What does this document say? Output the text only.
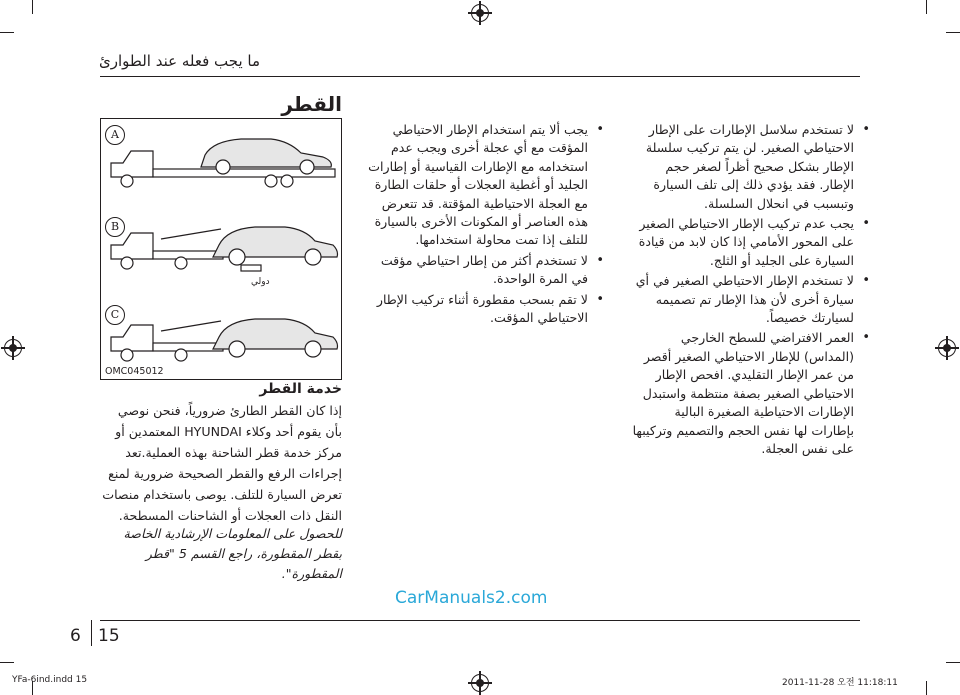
ما يجب فعله عند الطوارئ
القطر
• لا تستخدم سلاسل الإطارات على الإطار الاحتياطي الصغير. لن يتم تركيب سلسلة الإطار بشكل صحيح أظراً لصغر حجم الإطار. فقد يؤدي ذلك إلى تلف السيارة وتبسبب في انحلال السلسلة.
• يجب عدم تركيب الإطار الاحتياطي الصغير على المحور الأمامي إذا كان لابد من قيادة السيارة على الجليد أو الثلج.
• لا تستخدم الإطار الاحتياطي الصغير في أي سيارة أخرى لأن هذا الإطار تم تصميمه لسيارتك خصيصاً.
• العمر الافتراضي للسطح الخارجي (المداس) للإطار الاحتياطي الصغير أقصر من عمر الإطار التقليدي. افحص الإطار الاحتياطي الصغير بصفة منتظمة واستبدل الإطارات الاحتياطية الصغيرة البالية بإطارات لها نفس الحجم والتصميم وتركيبها على نفس العجلة.
• يجب ألا يتم استخدام الإطار الاحتياطي المؤقت مع أي عجلة أخرى ويجب عدم استخدامه مع الإطارات القياسية أو إطارات الجليد أو أغطية العجلات أو حلقات الطارة مع العجلة الاحتياطية المؤقتة. قد تتعرض هذه العناصر أو المكونات الأخرى بالسيارة للتلف إذا تمت محاولة استخدامها.
• لا تستخدم أكثر من إطار احتياطي مؤقت في المرة الواحدة.
• لا تقم بسحب مقطورة أثناء تركيب الإطار الاحتياطي المؤقت.
A
B
C
دولي
OMC045012
خدمة القطر
إذا كان القطر الطارئ ضرورياً، فنحن نوصي بأن يقوم أحد وكلاء HYUNDAI المعتمدين أو مركز خدمة قطر الشاحنة بهذه العملية.تعد إجراءات الرفع والقطر الصحيحة ضرورية لمنع تعرض السيارة للتلف. يوصى باستخدام منصات النقل ذات العجلات أو الشاحنات المسطحة.
للحصول على المعلومات الإرشادية الخاصة بقطر المقطورة، راجع القسم 5 "قطر المقطورة".
CarManuals2.com
6 15
YFa-6ind.indd 15	2011-11-28 오전 11:18:11
